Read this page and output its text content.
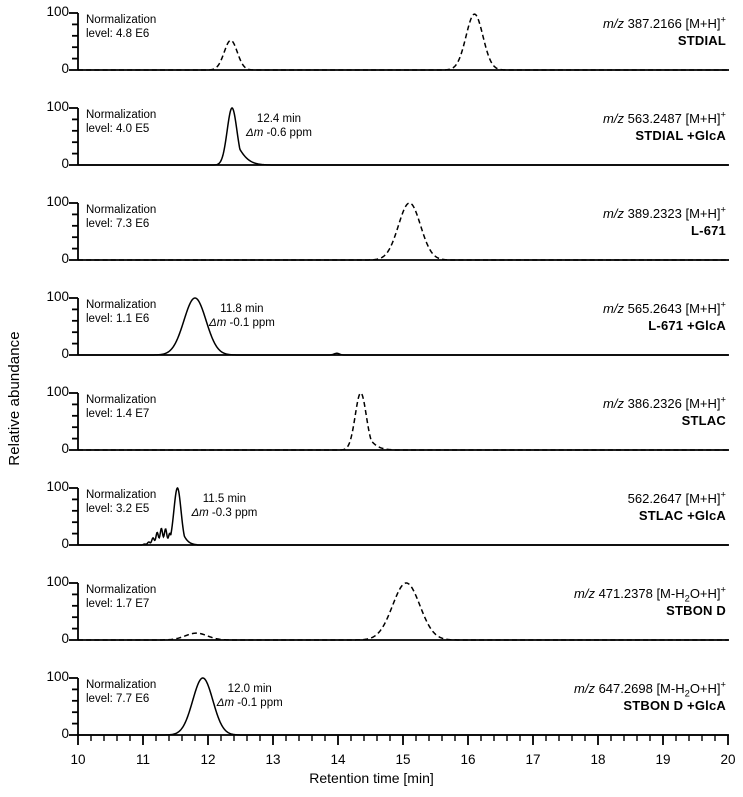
Relative abundance
100
0
Normalization
level: 4.8 E6
m/z 387.2166 [M+H]+
STDIAL
100
0
Normalization
level: 4.0 E5
12.4 min
Δm -0.6 ppm
m/z 563.2487 [M+H]+
STDIAL +GlcA
100
0
Normalization
level: 7.3 E6
m/z 389.2323 [M+H]+
L-671
100
0
Normalization
level: 1.1 E6
11.8 min
Δm -0.1 ppm
m/z 565.2643 [M+H]+
L-671 +GlcA
100
0
Normalization
level: 1.4 E7
m/z 386.2326 [M+H]+
STLAC
100
0
Normalization
level: 3.2 E5
11.5 min
Δm -0.3 ppm
562.2647 [M+H]+
STLAC +GlcA
100
0
Normalization
level: 1.7 E7
m/z 471.2378 $[M-H_2O+H]^+$
STBON D
100
0
Normalization
level: 7.7 E6
12.0 min
Δm -0.1 ppm
m/z 647.2698 $[M-H_2O+H]^+$
STBON D +GlcA
10	11	12	13	14	15	16	17	18	19	20
Retention time [min]
